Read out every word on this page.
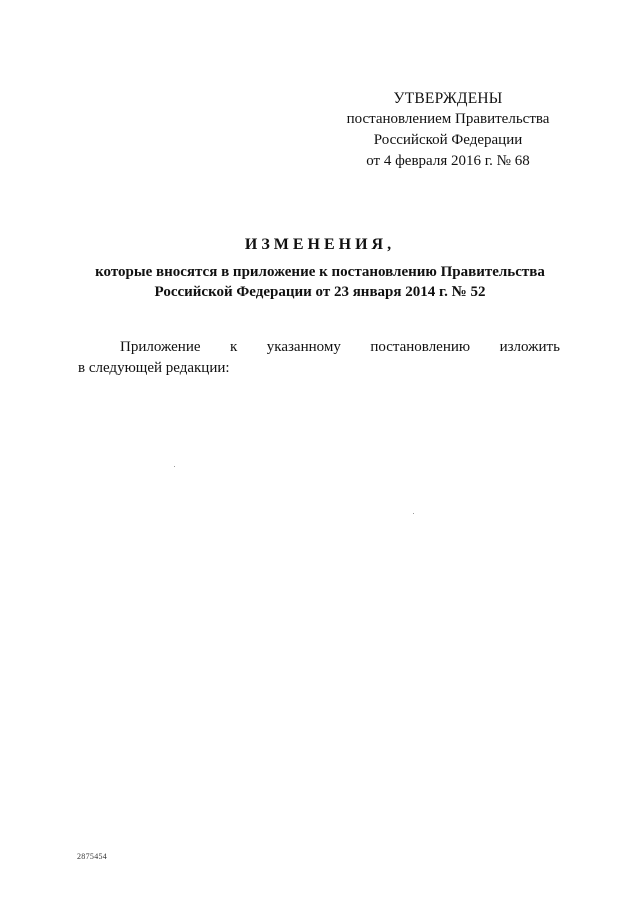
УТВЕРЖДЕНЫ
постановлением Правительства
Российской Федерации
от 4 февраля 2016 г. № 68
ИЗМЕНЕНИЯ,
которые вносятся в приложение к постановлению Правительства
Российской Федерации от 23 января 2014 г. № 52
Приложение к указанному постановлению изложить
в следующей редакции:
2875454
